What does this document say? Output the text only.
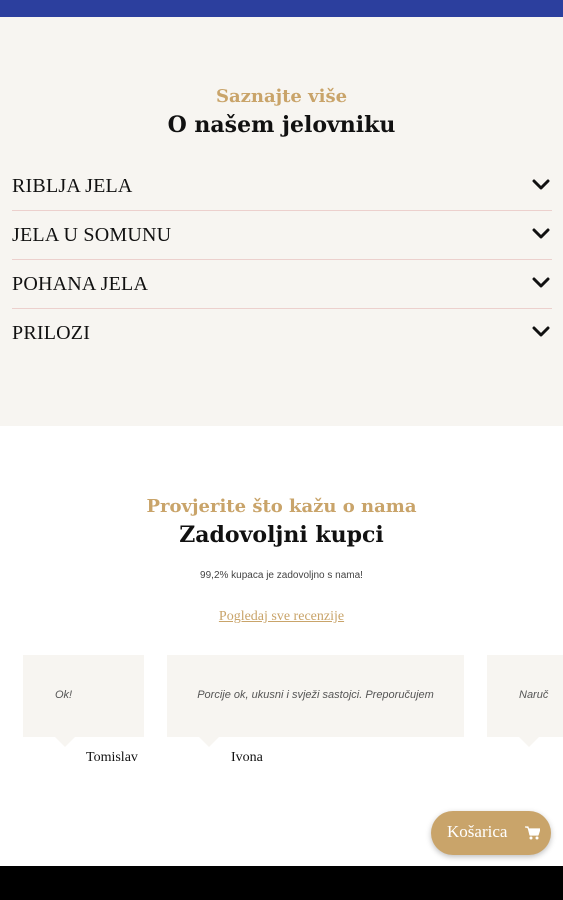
Saznajte više
O našem jelovniku
RIBLJA JELA
JELA U SOMUNU
POHANA JELA
PRILOZI
Provjerite što kažu o nama
Zadovoljni kupci

99,2% kupaca je zadovoljno s nama!

Pogledaj sve recenzije

Ok!

Tomislav

Porcije ok, ukusni i svježi sastojci. Preporučujem

Ivona

Naruč

Košarica
